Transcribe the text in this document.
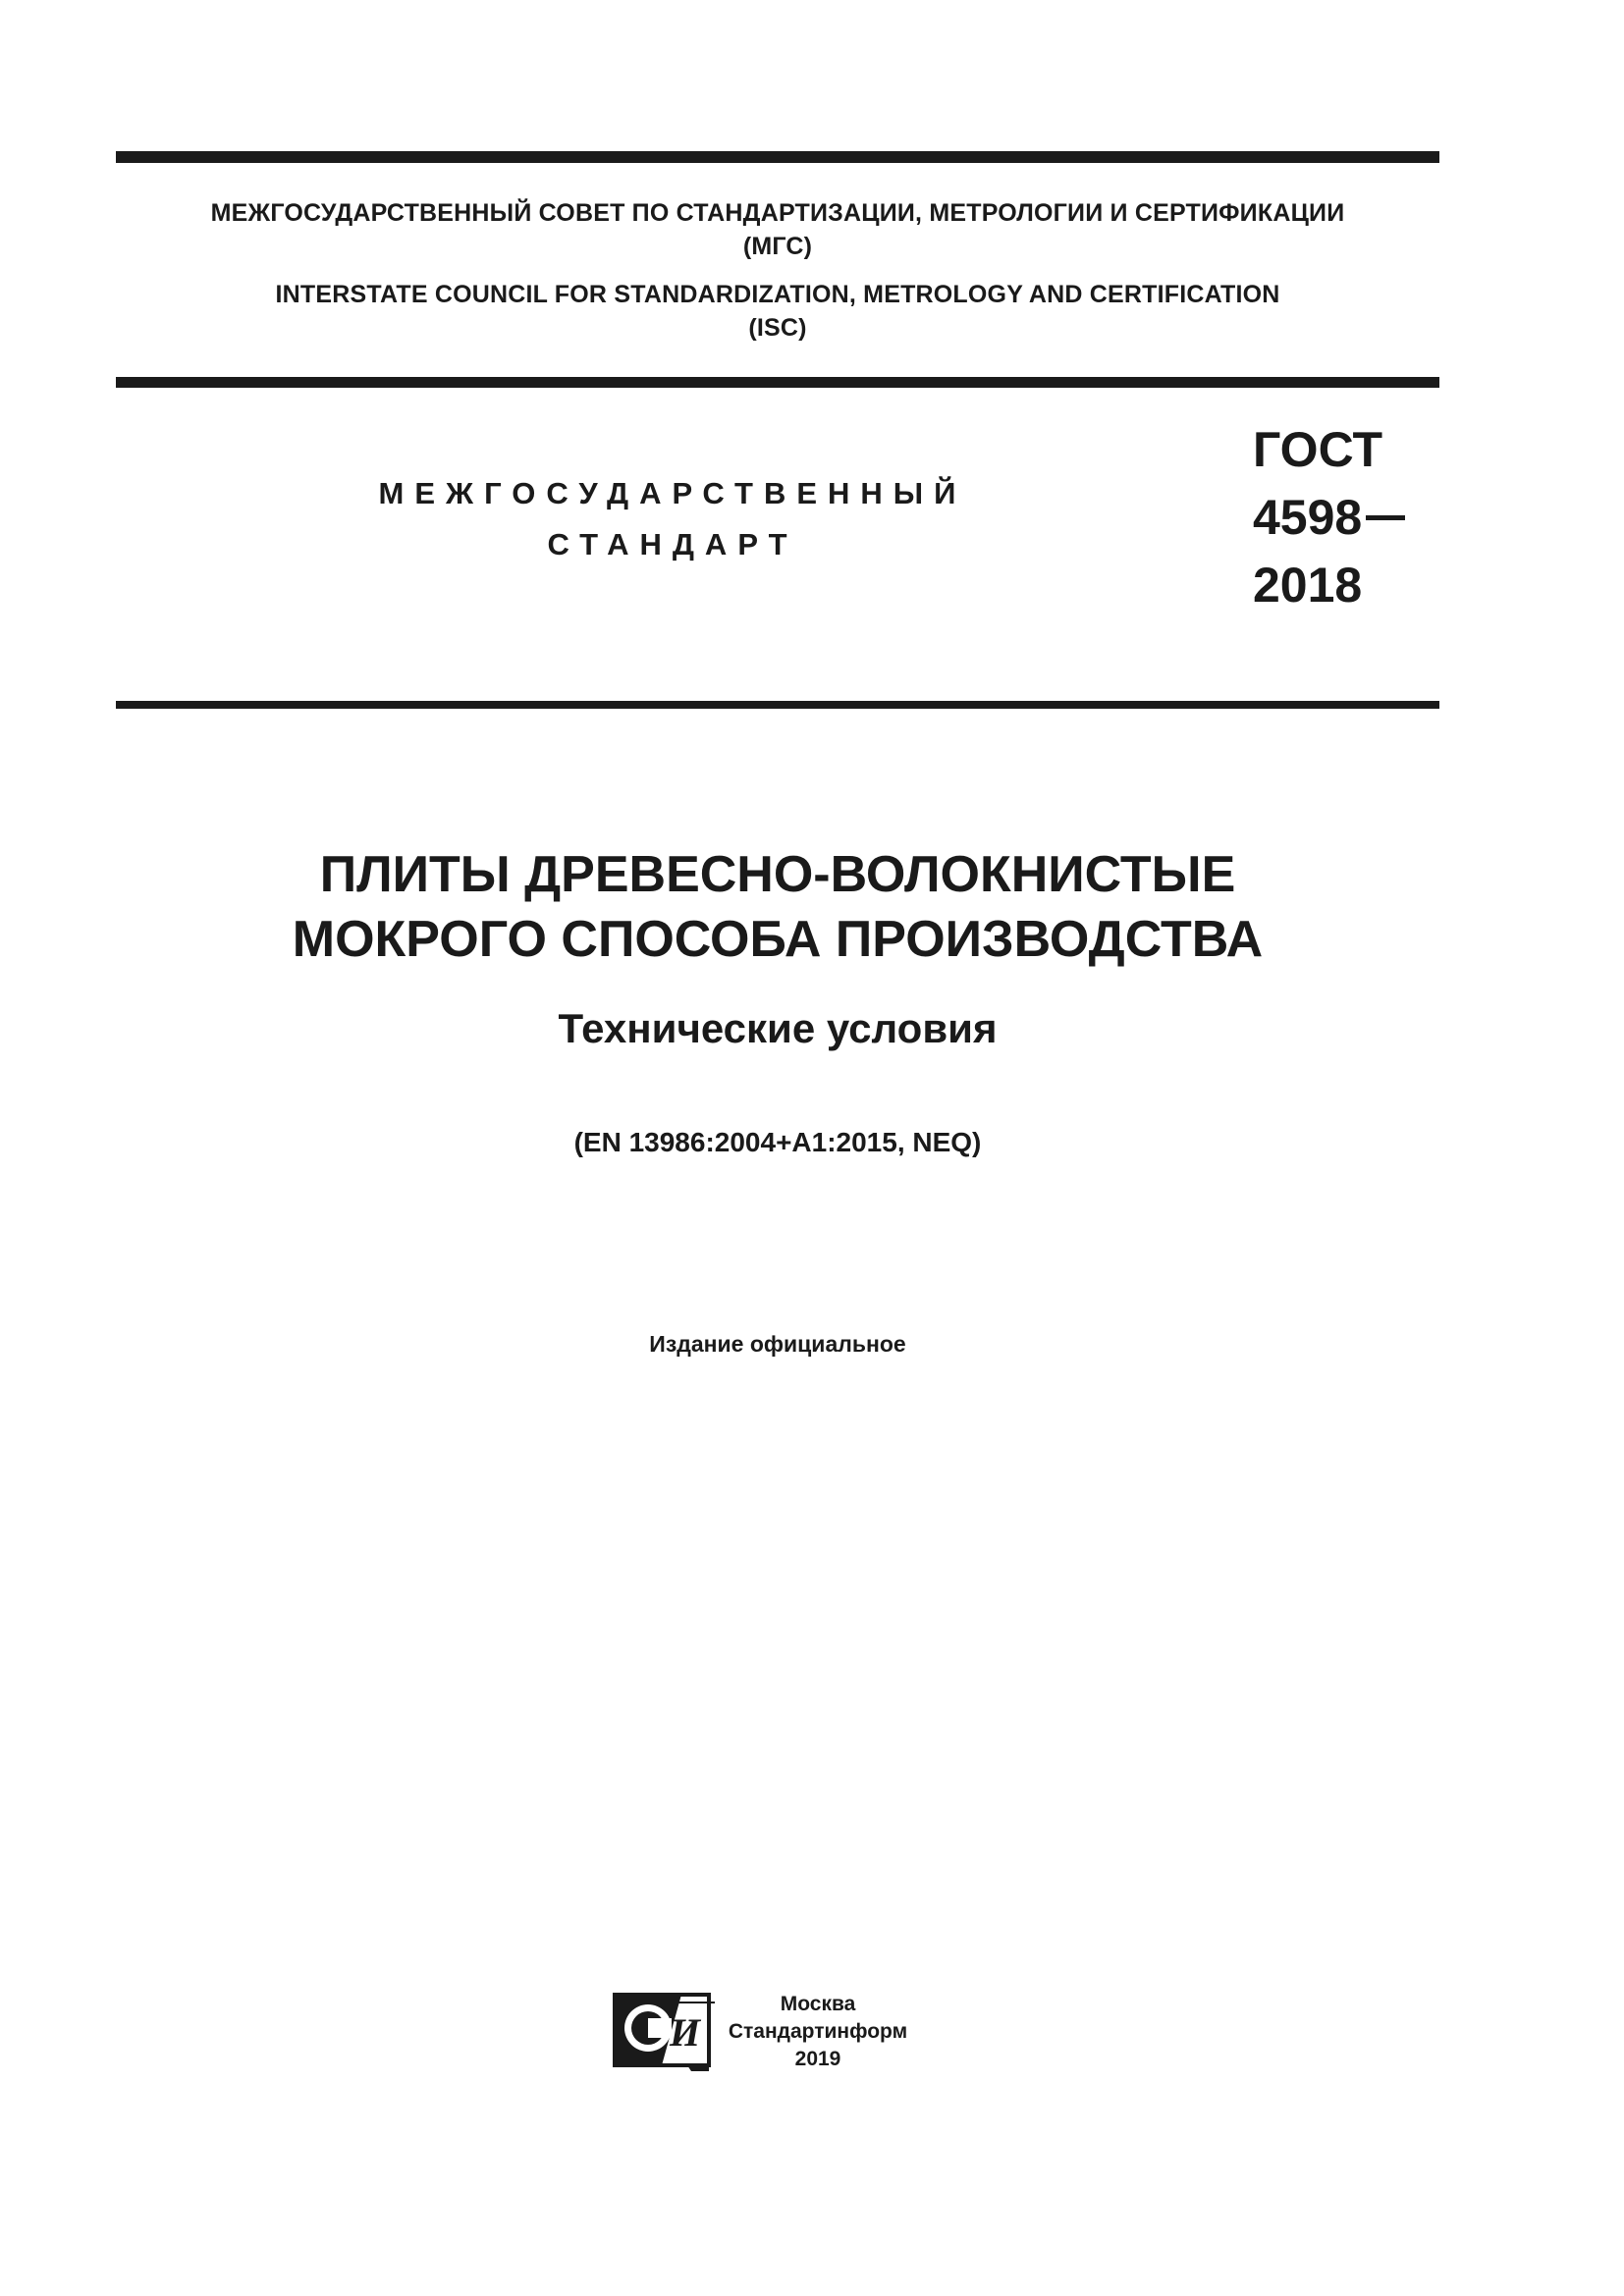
МЕЖГОСУДАРСТВЕННЫЙ СОВЕТ ПО СТАНДАРТИЗАЦИИ, МЕТРОЛОГИИ И СЕРТИФИКАЦИИ
(МГС)
INTERSTATE COUNCIL FOR STANDARDIZATION, METROLOGY AND CERTIFICATION
(ISC)
МЕЖГОСУДАРСТВЕННЫЙ
СТАНДАРТ
ГОСТ
4598
2018
ПЛИТЫ ДРЕВЕСНО-ВОЛОКНИСТЫЕ
МОКРОГО СПОСОБА ПРОИЗВОДСТВА
Технические условия
(EN 13986:2004+A1:2015, NEQ)
Издание официальное
И
Москва
Стандартинформ
2019
